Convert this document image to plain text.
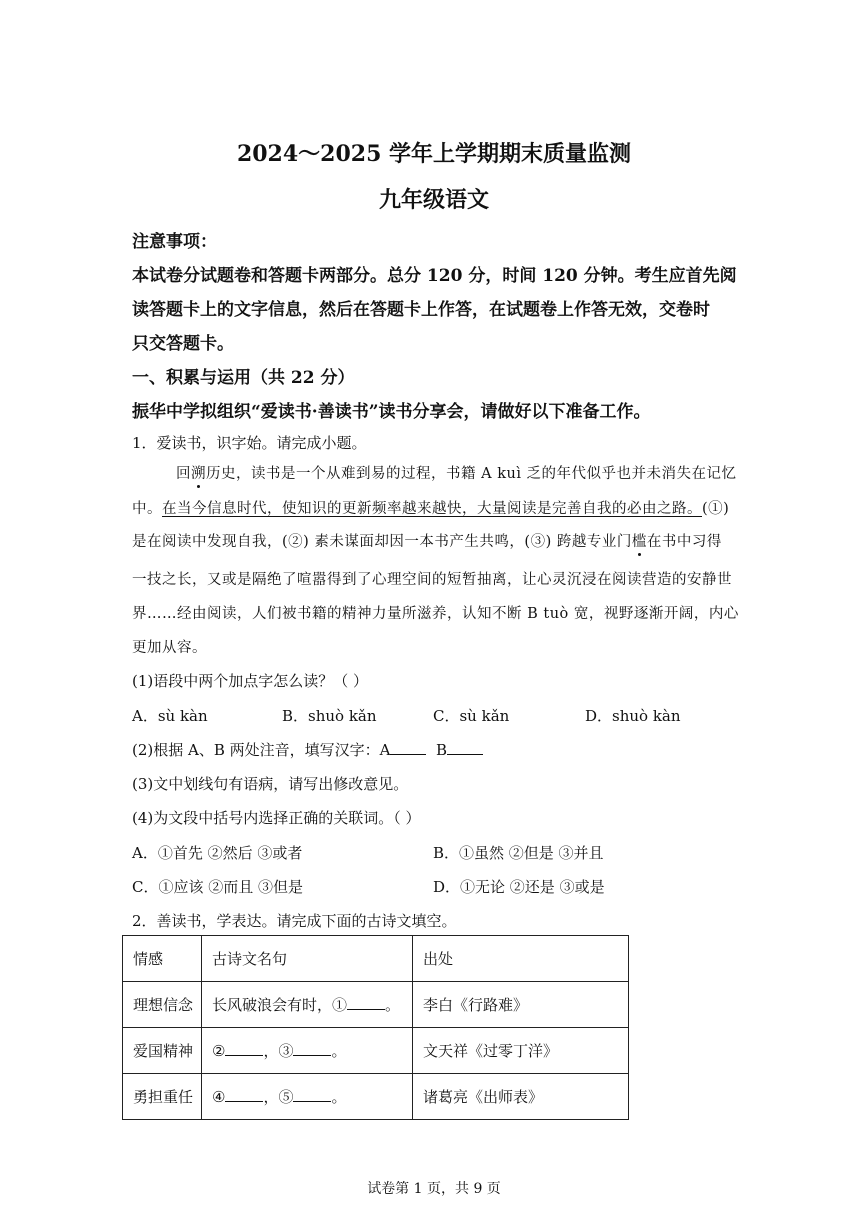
2024～2025 学年上学期期末质量监测
九年级语文
注意事项：
本试卷分试题卷和答题卡两部分。总分 120 分，时间 120 分钟。考生应首先阅
读答题卡上的文字信息，然后在答题卡上作答，在试题卷上作答无效，交卷时
只交答题卡。
一、积累与运用（共 22 分）
振华中学拟组织“爱读书·善读书”读书分享会，请做好以下准备工作。
1．爱读书，识字始。请完成小题。
回溯历史，读书是一个从难到易的过程，书籍 A kuì 乏的年代似乎也并未消失在记忆
中。在当今信息时代，使知识的更新频率越来越快，大量阅读是完善自我的必由之路。(①)
是在阅读中发现自我，(②) 素未谋面却因一本书产生共鸣，(③) 跨越专业门槛在书中习得
一技之长，又或是隔绝了喧嚣得到了心理空间的短暂抽离，让心灵沉浸在阅读营造的安静世
界……经由阅读，人们被书籍的精神力量所滋养，认知不断 B tuò 宽，视野逐渐开阔，内心
更加从容。
(1)语段中两个加点字怎么读？（ ）
A．sù kàn	B．shuò kǎn	C．sù kǎn	D．shuò kàn
(2)根据 A、B 两处注音，填写汉字：A	B
(3)文中划线句有语病，请写出修改意见。
(4)为文段中括号内选择正确的关联词。（ ）
A．①首先 ②然后 ③或者	B．①虽然 ②但是 ③并且
C．①应该 ②而且 ③但是	D．①无论 ②还是 ③或是
2．善读书，学表达。请完成下面的古诗文填空。
情感	古诗文名句	出处
理想信念	长风破浪会有时，① 。	李白《行路难》
爱国精神	② ，③ 。	文天祥《过零丁洋》
勇担重任	④ ，⑤ 。	诸葛亮《出师表》
试卷第 1 页，共 9 页
